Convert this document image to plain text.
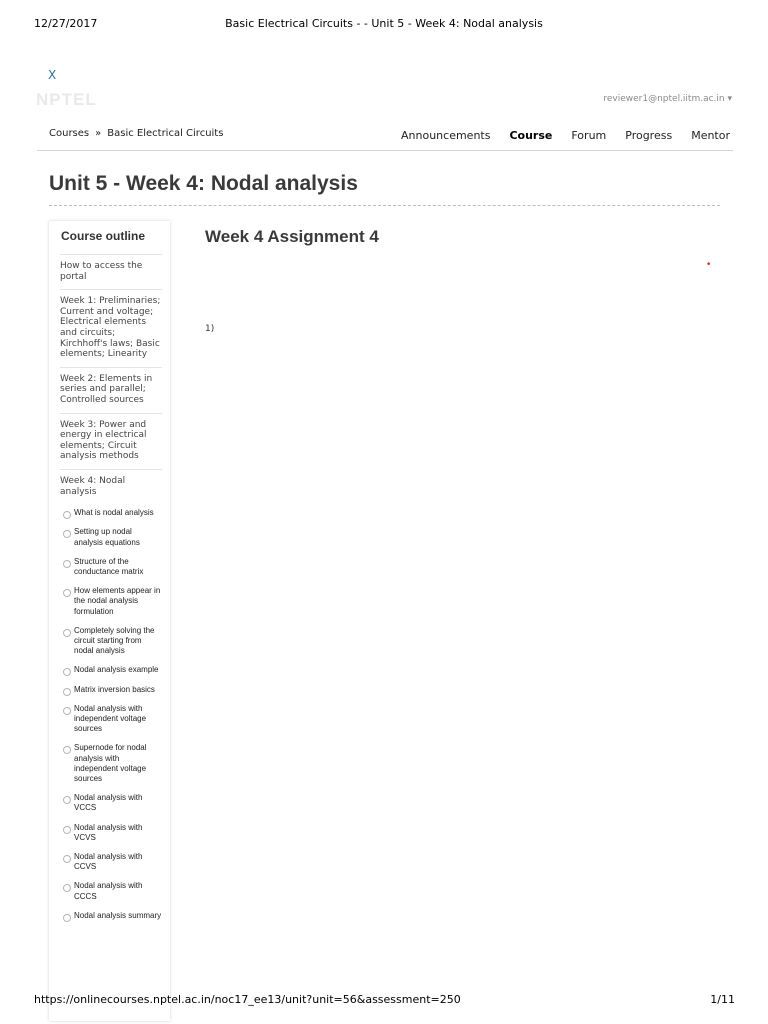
12/27/2017	Basic Electrical Circuits - - Unit 5 - Week 4: Nodal analysis
X
NPTEL	reviewer1@nptel.iitm.ac.in ▾
Courses » Basic Electrical Circuits	Announcements Course Forum Progress Mentor
Unit 5 - Week 4: Nodal analysis
Course outline
How to access the portal
Week 1: Preliminaries; Current and voltage; Electrical elements and circuits; Kirchhoff's laws; Basic elements; Linearity
Week 2: Elements in series and parallel; Controlled sources
Week 3: Power and energy in electrical elements; Circuit analysis methods
Week 4: Nodal analysis
What is nodal analysis
Setting up nodal analysis equations
Structure of the conductance matrix
How elements appear in the nodal analysis formulation
Completely solving the circuit starting from nodal analysis
Nodal analysis example
Matrix inversion basics
Nodal analysis with independent voltage sources
Supernode for nodal analysis with independent voltage sources
Nodal analysis with VCCS
Nodal analysis with VCVS
Nodal analysis with CCVS
Nodal analysis with CCCS
Nodal analysis summary
Week 4 Assignment 4
•
1)
https://onlinecourses.nptel.ac.in/noc17_ee13/unit?unit=56&assessment=250	1/11
